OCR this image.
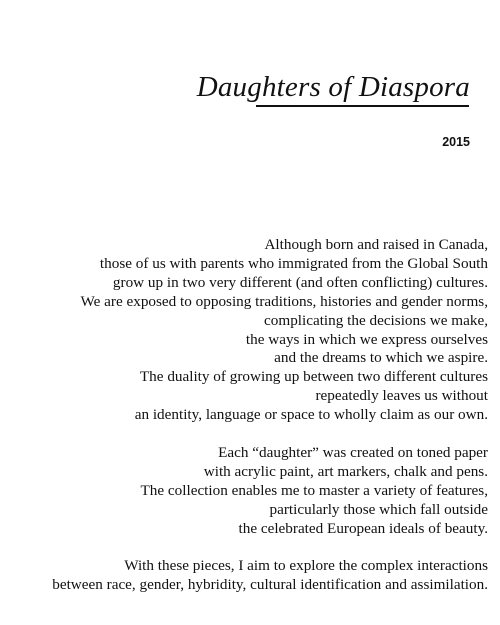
Daughters of Diaspora
2015

Although born and raised in Canada,
those of us with parents who immigrated from the Global South
grow up in two very different (and often conflicting) cultures.
We are exposed to opposing traditions, histories and gender norms,
complicating the decisions we make,
the ways in which we express ourselves
and the dreams to which we aspire.
The duality of growing up between two different cultures
repeatedly leaves us without
an identity, language or space to wholly claim as our own.

Each “daughter” was created on toned paper
with acrylic paint, art markers, chalk and pens.
The collection enables me to master a variety of features,
particularly those which fall outside
the celebrated European ideals of beauty.

With these pieces, I aim to explore the complex interactions
between race, gender, hybridity, cultural identification and assimilation.
